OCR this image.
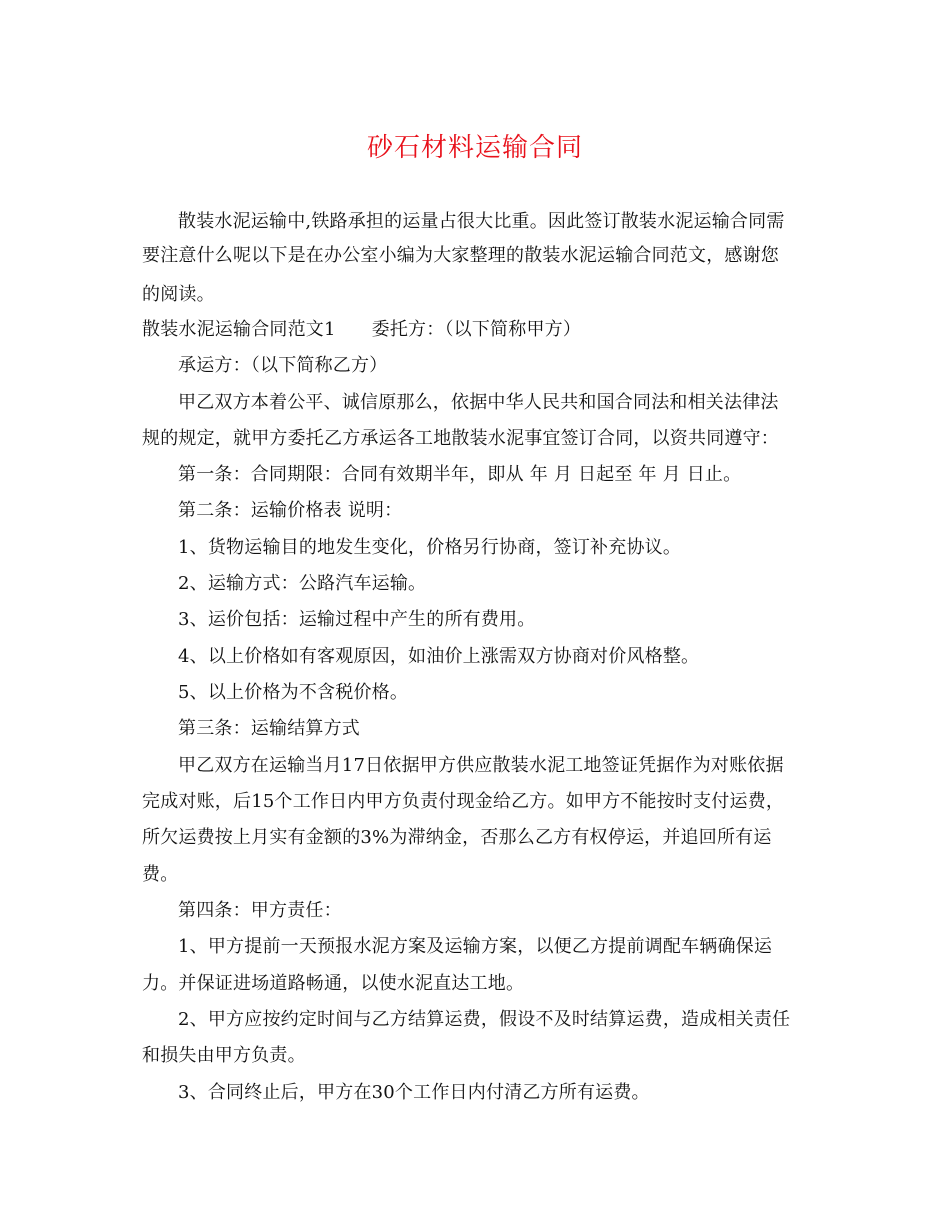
砂石材料运输合同
散装水泥运输中,铁路承担的运量占很大比重。因此签订散装水泥运输合同需
要注意什么呢以下是在办公室小编为大家整理的散装水泥运输合同范文，感谢您
的阅读。
散装水泥运输合同范文1 委托方：（以下简称甲方）
承运方：（以下简称乙方）
甲乙双方本着公平、诚信原那么，依据中华人民共和国合同法和相关法律法
规的规定，就甲方委托乙方承运各工地散装水泥事宜签订合同，以资共同遵守：
第一条：合同期限：合同有效期半年，即从 年 月 日起至 年 月 日止。
第二条：运输价格表 说明：
1、货物运输目的地发生变化，价格另行协商，签订补充协议。
2、运输方式：公路汽车运输。
3、运价包括：运输过程中产生的所有费用。
4、以上价格如有客观原因，如油价上涨需双方协商对价风格整。
5、以上价格为不含税价格。
第三条：运输结算方式
甲乙双方在运输当月17日依据甲方供应散装水泥工地签证凭据作为对账依据
完成对账，后15个工作日内甲方负责付现金给乙方。如甲方不能按时支付运费，
所欠运费按上月实有金额的3%为滞纳金，否那么乙方有权停运，并追回所有运
费。
第四条：甲方责任：
1、甲方提前一天预报水泥方案及运输方案，以便乙方提前调配车辆确保运
力。并保证进场道路畅通，以使水泥直达工地。
2、甲方应按约定时间与乙方结算运费，假设不及时结算运费，造成相关责任
和损失由甲方负责。
3、合同终止后，甲方在30个工作日内付清乙方所有运费。
